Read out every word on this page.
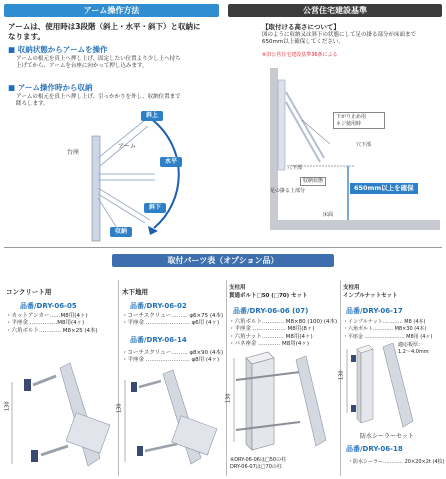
アーム操作方法
アームは、使用時は3段階（斜上・水平・斜下）と収納に
なります。
■ 収納状態からアームを操作
アームの根元を真上へ押し上げ、固定したい位置より少し上へ持ち
上げてから、アームを台座に向かって押し込みます。
■ アーム操作時から収納
アームの根元を真上へ押し上げ、引っかかりを外し、収納位置まで
降ろします。
台座
アーム
斜上
水平
斜下
収納
公営住宅建設基準
【取付ける高さについて】
図のように収納又は斜下の状態にして足の掛る部分が床面まで
650mm以上確保してください。
※旧公営住宅建設基準36条による
下がり止め用
ネジ使用時
穴下部
穴下部
収納状態
足の掛る上部分	650mm以上を確保
床面
取付パーツ表（オプション品）
コンクリート用
品番/DRY-06-05
・カットアンカー……M8用(4ヶ)
・平座金 ……………M8用(4ヶ)
・六角ボルト………… M8×25 (4本)
130
木下地用
品番/DRY-06-02
・コーチスクリュー……… φ6×75 (4本)
・平座金 …………………… φ6用 (4ヶ)
品番/DRY-06-14
・コーチスクリュー……… φ8×90 (4本)
・平座金 …………………… φ8用 (4ヶ)
130
支柱用
貫通ボルト□50 (□70) セット
品番/DRY-06-06 (07)
・六角ボルト………… M8×80 (100) (4本)
・平座金 ……………… M8用(8ヶ)
・六角ナット………… M8用(4ヶ)
・バネ座金 ………… M8用(4ヶ)
130
※DRY-06-06は□50の柱
DRY-06-07は□70の柱
支柱用
インブルナットセット
品番/DRY-06-17
・インブルナット………… M8 (4本)
・六角ボルト………… M8×30 (4本)
・平座金 …………………… M8用 (4ヶ)
適応板厚：
1.2～4.0mm
130
防水シーラーセット
品番/DRY-06-18
・防水シーラー………… 20×20×2t (4枚)
